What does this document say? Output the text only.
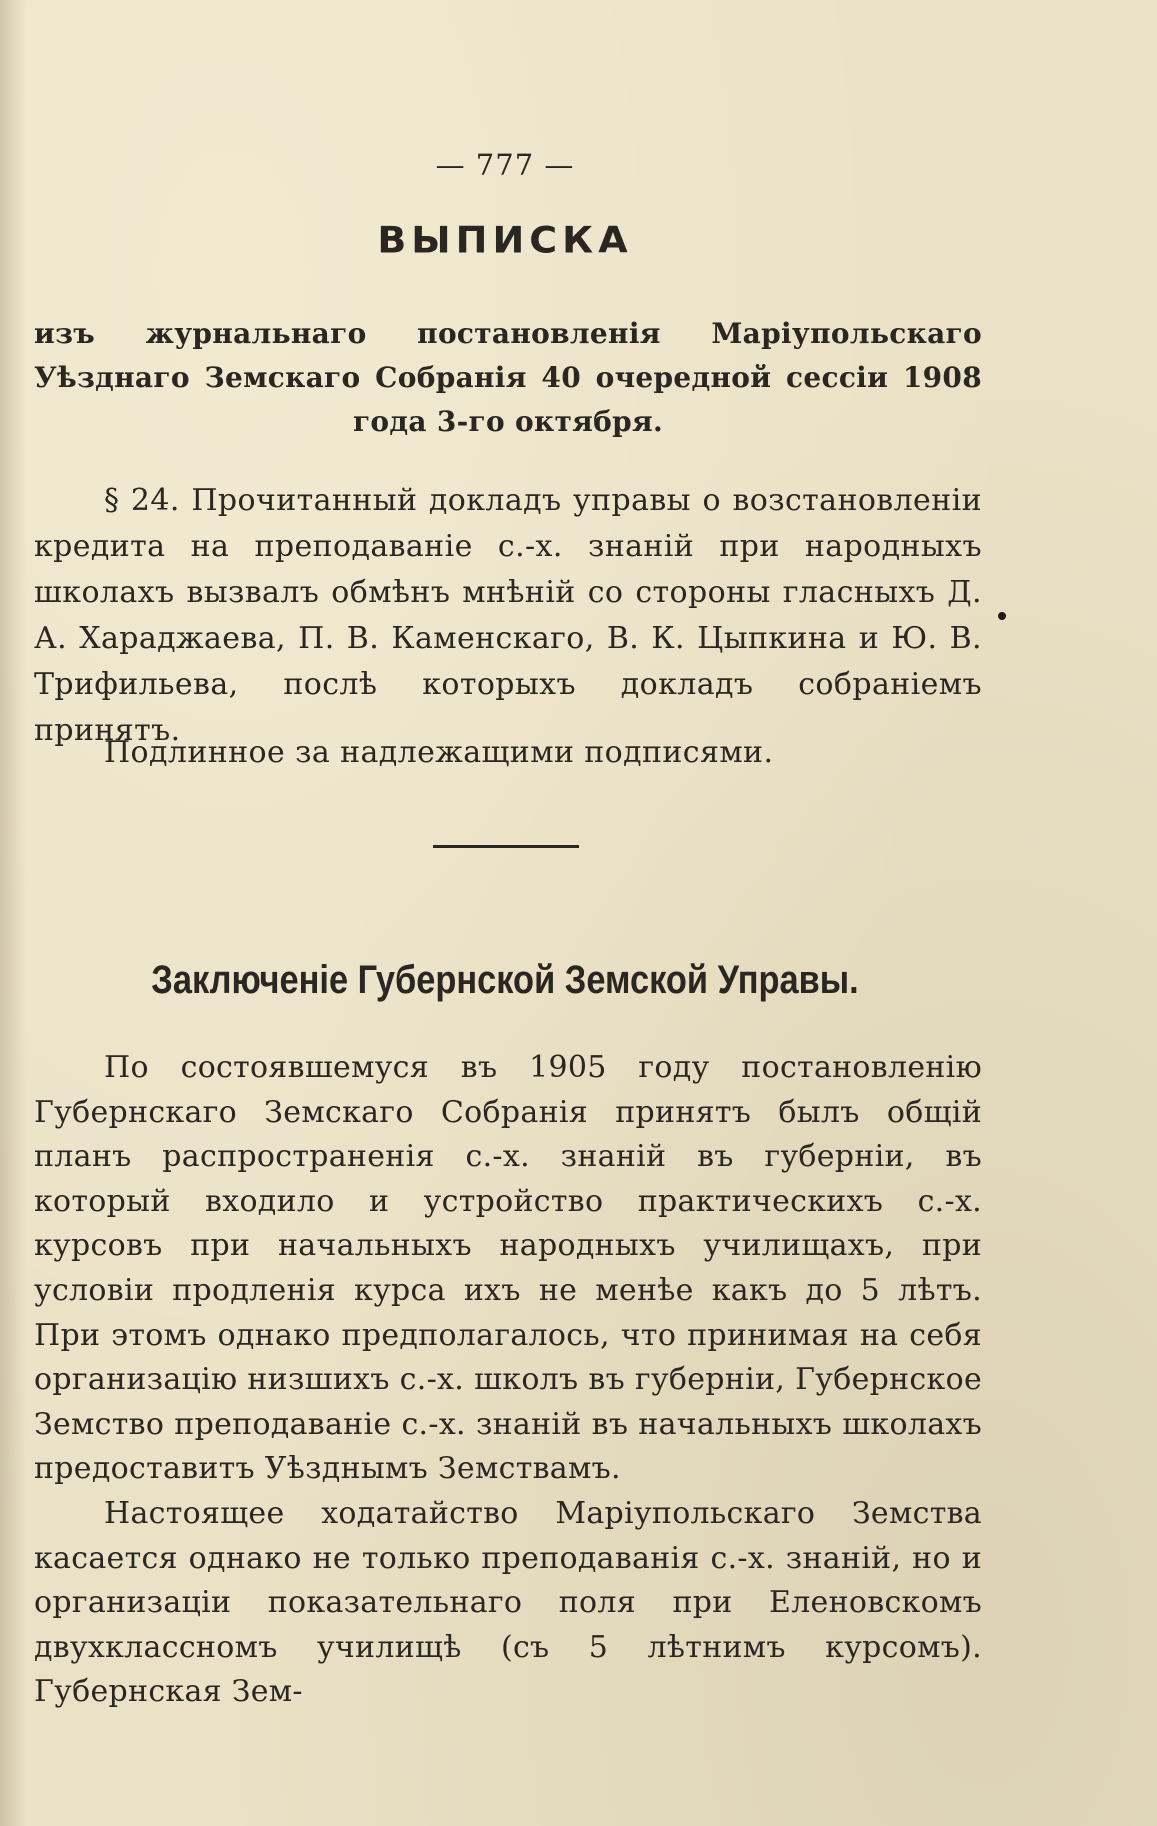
— 777 —
ВЫПИСКА
изъ журнальнаго постановленія Маріупольскаго Уѣзднаго Земскаго Собранія 40 очередной сессіи 1908 года 3-го октября.
§ 24. Прочитанный докладъ управы о возстановленіи кредита на преподаваніе с.-х. знаній при народныхъ школахъ вызвалъ обмѣнъ мнѣній со стороны гласныхъ Д. А. Хараджаева, П. В. Каменскаго, В. К. Цыпкина и Ю. В. Трифильева, послѣ которыхъ докладъ собраніемъ принятъ.
Подлинное за надлежащими подписями.
Заключеніе Губернской Земской Управы.

По состоявшемуся въ 1905 году постановленію Губернскаго Земскаго Собранія принятъ былъ общій планъ распространенія с.-х. знаній въ губерніи, въ который входило и устройство практическихъ с.-х. курсовъ при начальныхъ народныхъ училищахъ, при условіи продленія курса ихъ не менѣе какъ до 5 лѣтъ. При этомъ однако предполагалось, что принимая на себя организацію низшихъ с.-х. школъ въ губерніи, Губернское Земство преподаваніе с.-х. знаній въ начальныхъ школахъ предоставитъ Уѣзднымъ Земствамъ.

Настоящее ходатайство Маріупольскаго Земства касается однако не только преподаванія с.-х. знаній, но и организаціи показательнаго поля при Еленовскомъ двухклассномъ училищѣ (съ 5 лѣтнимъ курсомъ). Губернская Зем-
